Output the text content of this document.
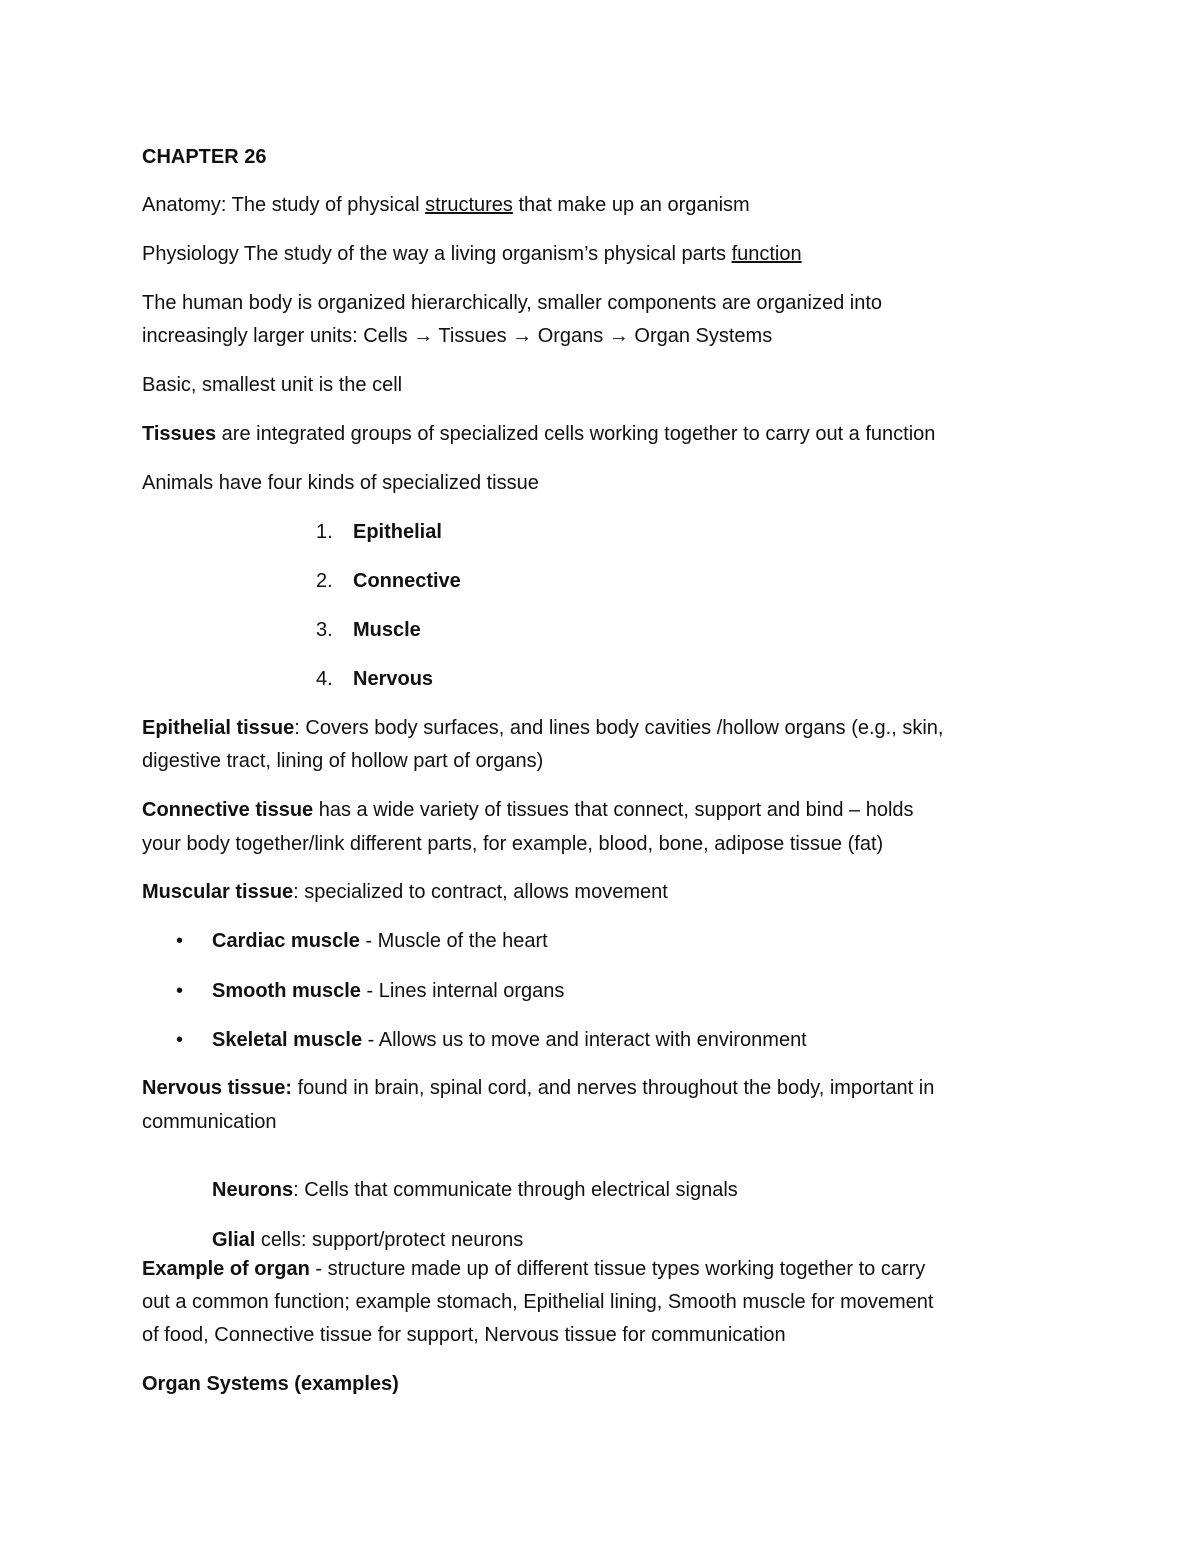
CHAPTER 26

Anatomy: The study of physical structures that make up an organism

Physiology The study of the way a living organism’s physical parts function

The human body is organized hierarchically, smaller components are organized into

increasingly larger units: Cells → Tissues → Organs → Organ Systems

Basic, smallest unit is the cell

Tissues are integrated groups of specialized cells working together to carry out a function

Animals have four kinds of specialized tissue

1. Epithelial
2. Connective
3. Muscle
4. Nervous

Epithelial tissue: Covers body surfaces, and lines body cavities /hollow organs (e.g., skin,

digestive tract, lining of hollow part of organs)

Connective tissue has a wide variety of tissues that connect, support and bind – holds

your body together/link different parts, for example, blood, bone, adipose tissue (fat)

Muscular tissue: specialized to contract, allows movement

• Cardiac muscle - Muscle of the heart
• Smooth muscle - Lines internal organs
• Skeletal muscle - Allows us to move and interact with environment

Nervous tissue: found in brain, spinal cord, and nerves throughout the body, important in

communication

Neurons: Cells that communicate through electrical signals

Glial cells: support/protect neurons

Example of organ - structure made up of different tissue types working together to carry

out a common function; example stomach, Epithelial lining, Smooth muscle for movement

of food, Connective tissue for support, Nervous tissue for communication

Organ Systems (examples)
